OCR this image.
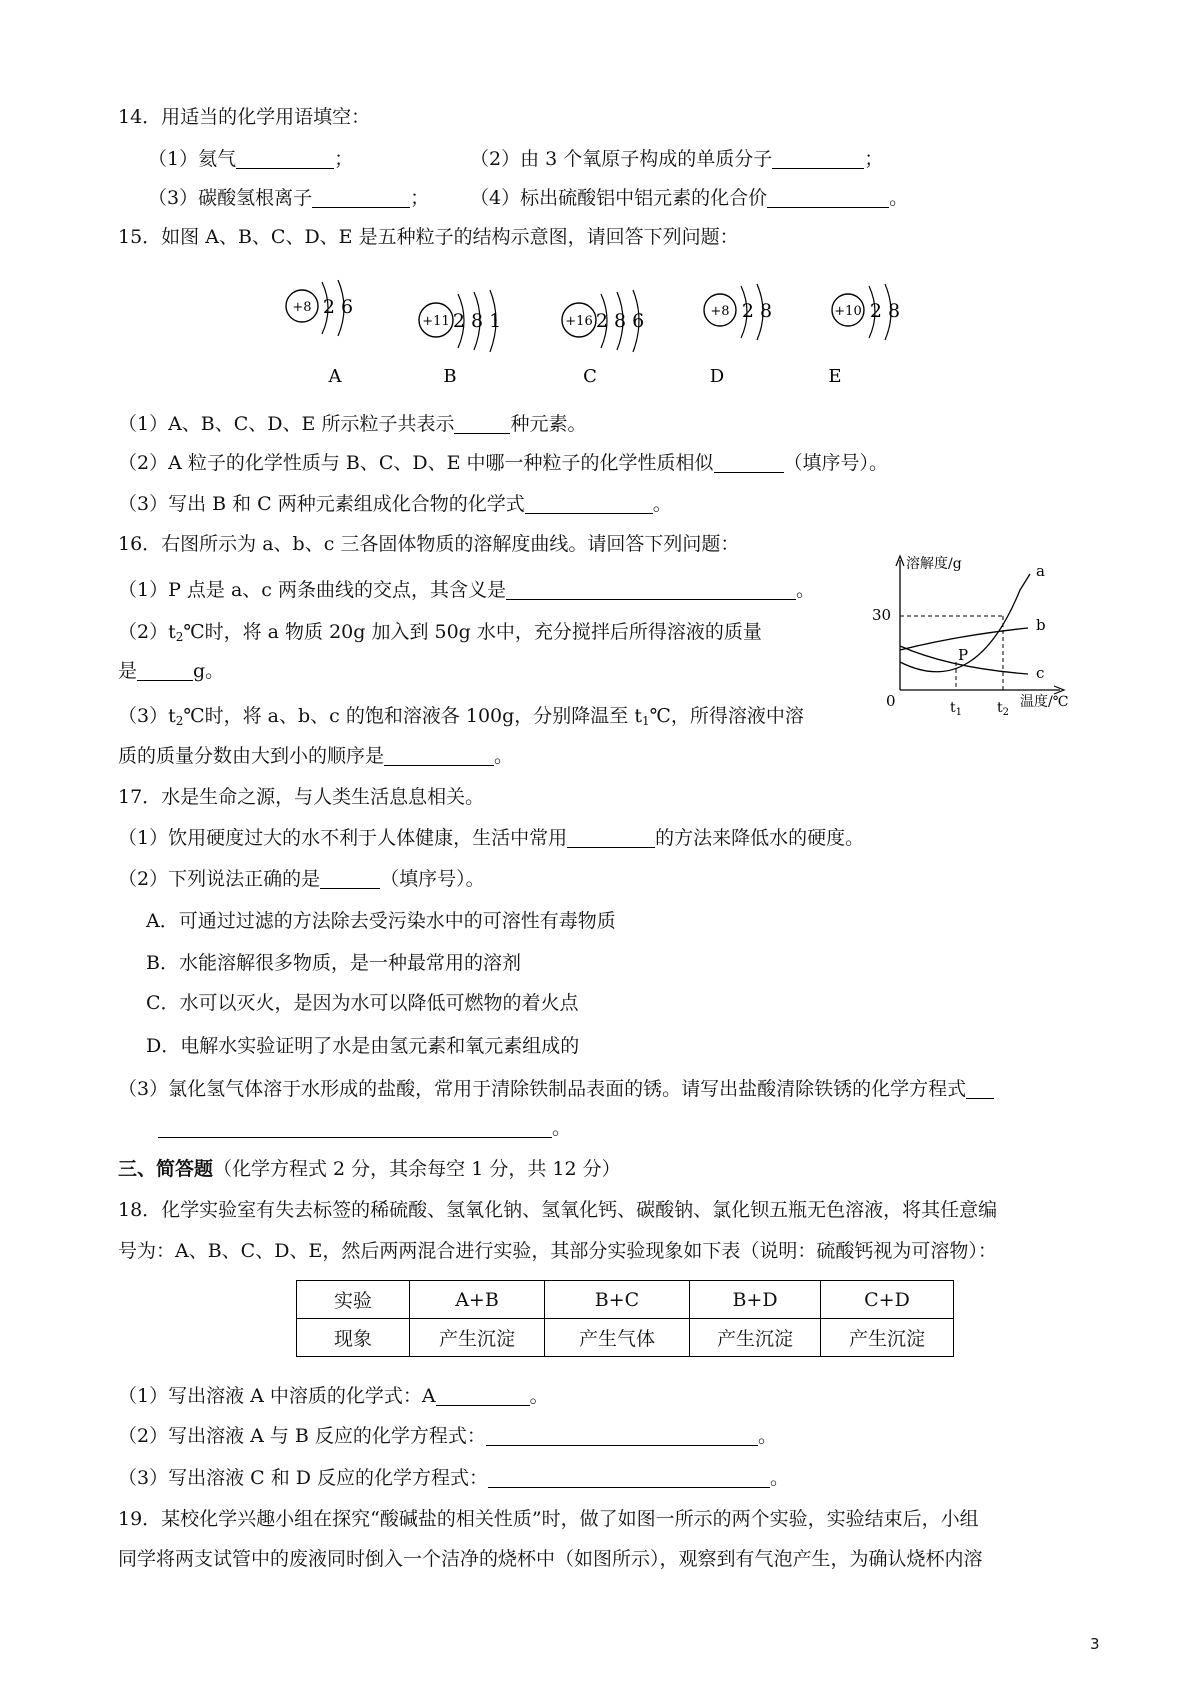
14．用适当的化学用语填空：
（1）氦气	；	（2）由 3 个氧原子构成的单质分子	；
（3）碳酸氢根离子	； （4）标出硫酸铝中铝元素的化合价	。
15．如图 A、B、C、D、E 是五种粒子的结构示意图，请回答下列问题：
+8 2 6
A
+11 2 8 1
B
+16 2 8 6
C
+8 2 8
D
+10 2 8
E
（1）A、B、C、D、E 所示粒子共表示	种元素。
（2）A 粒子的化学性质与 B、C、D、E 中哪一种粒子的化学性质相似	（填序号）。
（3）写出 B 和 C 两种元素组成化合物的化学式	。
16．右图所示为 a、b、c 三各固体物质的溶解度曲线。请回答下列问题：
（1）P 点是 a、c 两条曲线的交点，其含义是	。
$(2)t_2℃$时，将 a 物质 20g 加入到 50g 水中，充分搅拌后所得溶液的质量
是	g。
$(3)t_2℃$时，将 a、b、c 的饱和溶液各 100g，分别降温至 $t_1℃$，所得溶液中溶
质的质量分数由大到小的顺序是	。
溶解度/g
温度/℃
30
0
a
b
c
P
$t_1$ $t_2$
17．水是生命之源，与人类生活息息相关。
（1）饮用硬度过大的水不利于人体健康，生活中常用	的方法来降低水的硬度。
（2）下列说法正确的是	（填序号）。
A．可通过过滤的方法除去受污染水中的可溶性有毒物质
B．水能溶解很多物质，是一种最常用的溶剂
C．水可以灭火，是因为水可以降低可燃物的着火点
D．电解水实验证明了水是由氢元素和氧元素组成的
（3）氯化氢气体溶于水形成的盐酸，常用于清除铁制品表面的锈。请写出盐酸清除铁锈的化学方程式
。
三、简答题（化学方程式 2 分，其余每空 1 分，共 12 分）
18．化学实验室有失去标签的稀硫酸、氢氧化钠、氢氧化钙、碳酸钠、氯化钡五瓶无色溶液，将其任意编
号为：A、B、C、D、E，然后两两混合进行实验，其部分实验现象如下表（说明：硫酸钙视为可溶物）：
实验	A+B	B+C	B+D	C+D
现象	产生沉淀	产生气体	产生沉淀	产生沉淀
（1）写出溶液 A 中溶质的化学式：A	。
（2）写出溶液 A 与 B 反应的化学方程式：	。
（3）写出溶液 C 和 D 反应的化学方程式：	。
19．某校化学兴趣小组在探究“酸碱盐的相关性质”时，做了如图一所示的两个实验，实验结束后，小组
同学将两支试管中的废液同时倒入一个洁净的烧杯中（如图所示），观察到有气泡产生，为确认烧杯内溶
3
